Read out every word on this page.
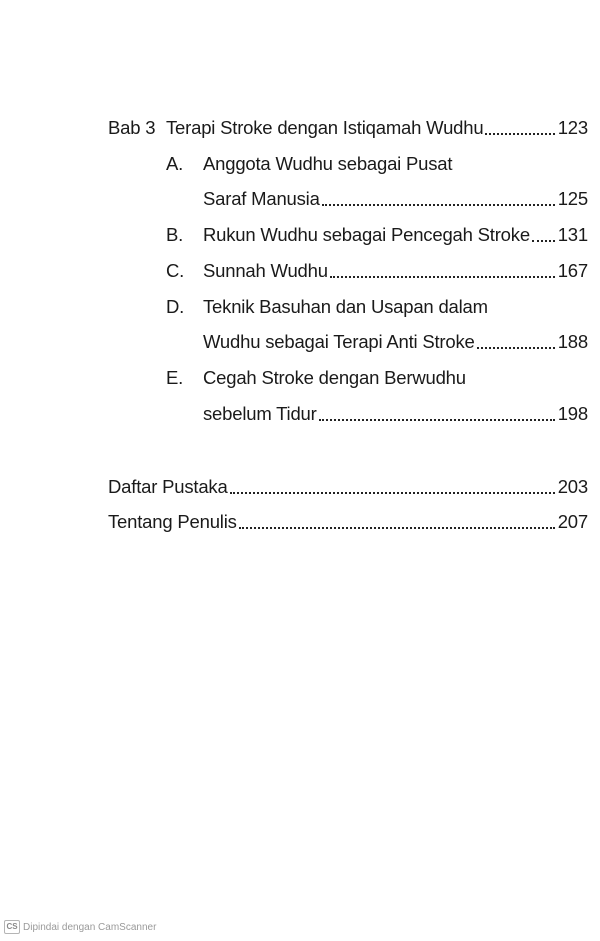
Bab 3 Terapi Stroke dengan Istiqamah Wudhu	123
A. Anggota Wudhu sebagai Pusat
Saraf Manusia	125
B. Rukun Wudhu sebagai Pencegah Stroke 131
C. Sunnah Wudhu	167
D. Teknik Basuhan dan Usapan dalam
Wudhu sebagai Terapi Anti Stroke	188
E. Cegah Stroke dengan Berwudhu
sebelum Tidur	198
Daftar Pustaka	203
Tentang Penulis	207
CS Dipindai dengan CamScanner
